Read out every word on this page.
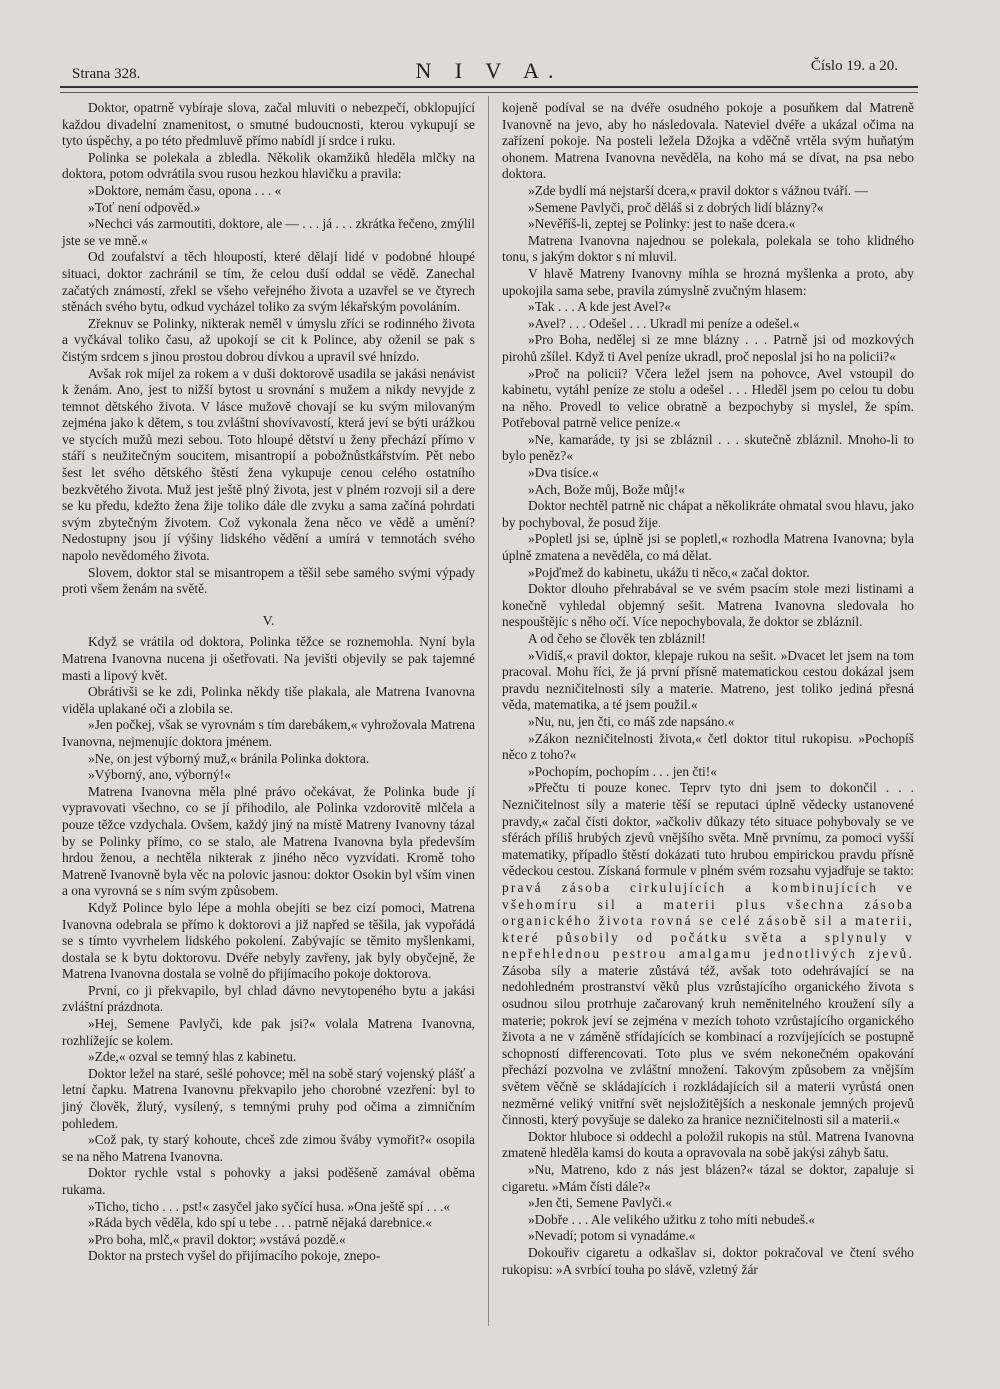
Strana 328.	N I V A.	Číslo 19. a 20.

Doktor, opatrně vybíraje slova, začal mluviti o nebezpečí, obklopující každou divadelní znamenitost, o smutné budoucnosti, kterou vykupují se tyto úspěchy, a po této předmluvě přímo nabídl jí srdce i ruku.

Polinka se polekala a zbledla. Několik okamžiků hleděla mlčky na doktora, potom odvrátila svou rusou hezkou hlavičku a pravila:

»Doktore, nemám času, opona . . . «

»Toť není odpověd.»

»Nechci vás zarmoutiti, doktore, ale — . . . já . . . zkrátka řečeno, zmýlil jste se ve mně.«

Od zoufalství a těch hloupostí, které dělají lidé v podobné hloupé situaci, doktor zachránil se tím, že celou duší oddal se vědě. Zanechal začatých známostí, zřekl se všeho veřejného života a uzavřel se ve čtyrech stěnách svého bytu, odkud vycházel toliko za svým lékařským povoláním.

Zřeknuv se Polinky, nikterak neměl v úmyslu zříci se rodinného života a vyčkával toliko času, až upokojí se cit k Polince, aby oženil se pak s čistým srdcem s jinou prostou dobrou dívkou a upravil své hnízdo.

Avšak rok míjel za rokem a v duši doktorově usadila se jakási nenávist k ženám. Ano, jest to nižší bytost u srovnání s mužem a nikdy nevyjde z temnot dětského života. V lásce mužově chovají se ku svým milovaným zejména jako k dětem, s tou zvláštní shovívavostí, která jeví se býti urážkou ve stycích mužů mezi sebou. Toto hloupé dětství u ženy přechází přímo v stáří s neužitečným soucitem, misantropií a pobožnůstkářstvím. Pět nebo šest let svého dětského štěstí žena vykupuje cenou celého ostatního bezkvětého života. Muž jest ještě plný života, jest v plném rozvoji sil a dere se ku předu, kdežto žena žije toliko dále dle zvyku a sama začíná pohrdati svým zbytečným životem. Což vykonala žena něco ve vědě a umění? Nedostupny jsou jí výšiny lidského vědění a umírá v temnotách svého napolo nevědomého života.

Slovem, doktor stal se misantropem a těšil sebe samého svými výpady proti všem ženám na světě.

V.

Když se vrátila od doktora, Polinka těžce se roznemohla. Nyní byla Matrena Ivanovna nucena ji ošetřovati. Na jevišti objevily se pak tajemné masti a lipový květ.

Obrátivši se ke zdi, Polinka někdy tiše plakala, ale Matrena Ivanovna viděla uplakané oči a zlobila se.

»Jen počkej, však se vyrovnám s tím darebákem,« vyhrožovala Matrena Ivanovna, nejmenujíc doktora jménem.

»Ne, on jest výborný muž,« bránila Polinka doktora.

»Výborný, ano, výborný!«

Matrena Ivanovna měla plné právo očekávat, že Polinka bude jí vypravovati všechno, co se jí přihodilo, ale Polinka vzdorovitě mlčela a pouze těžce vzdychala. Ovšem, každý jiný na místě Matreny Ivanovny tázal by se Polinky přímo, co se stalo, ale Matrena Ivanovna byla především hrdou ženou, a nechtěla nikterak z jiného něco vyzvídati. Kromě toho Matreně Ivanovně byla věc na polovic jasnou: doktor Osokin byl vším vinen a ona vyrovná se s ním svým způsobem.

Když Polince bylo lépe a mohla obejíti se bez cizí pomoci, Matrena Ivanovna odebrala se přímo k doktorovi a již napřed se těšila, jak vypořádá se s tímto vyvrhelem lidského pokolení. Zabývajíc se těmito myšlenkami, dostala se k bytu doktorovu. Dvéře nebyly zavřeny, jak byly obyčejně, že Matrena Ivanovna dostala se volně do přijímacího pokoje doktorova.

První, co ji překvapilo, byl chlad dávno nevytopeného bytu a jakási zvláštní prázdnota.

»Hej, Semene Pavlyči, kde pak jsi?« volala Matrena Ivanovna, rozhlížejíc se kolem.

»Zde,« ozval se temný hlas z kabinetu.

Doktor ležel na staré, sešlé pohovce; měl na sobě starý vojenský plášť a letní čapku. Matrena Ivanovnu překvapilo jeho chorobné vzezření: byl to jiný člověk, žlutý, vysílený, s temnými pruhy pod očima a zimničním pohledem.

»Což pak, ty starý kohoute, chceš zde zimou šváby vymořit?« osopila se na něho Matrena Ivanovna.

Doktor rychle vstal s pohovky a jaksi poděšeně zamával oběma rukama.

»Ticho, ticho . . . pst!« zasyčel jako syčící husa. »Ona ještě spí . . .«

»Ráda bych věděla, kdo spí u tebe . . . patrně nějaká darebnice.«

»Pro boha, mlč,« pravil doktor; »vstává pozdě.«

Doktor na prstech vyšel do přijímacího pokoje, znepo-

kojeně podíval se na dvéře osudného pokoje a posuňkem dal Matreně Ivanovně na jevo, aby ho následovala. Nateviel dvéře a ukázal očima na zařízení pokoje. Na posteli ležela Džojka a vděčně vrtěla svým huňatým ohonem. Matrena Ivanovna nevěděla, na koho má se dívat, na psa nebo doktora.

»Zde bydlí má nejstarší dcera,« pravil doktor s vážnou tváří. —

»Semene Pavlyči, proč děláš si z dobrých lidí blázny?«

»Nevěříš-li, zeptej se Polinky: jest to naše dcera.«

Matrena Ivanovna najednou se polekala, polekala se toho klidného tonu, s jakým doktor s ní mluvil.

V hlavě Matreny Ivanovny míhla se hrozná myšlenka a proto, aby upokojila sama sebe, pravila zúmyslně zvučným hlasem:

»Tak . . . A kde jest Avel?«

»Avel? . . . Odešel . . . Ukradl mi peníze a odešel.«

»Pro Boha, nedělej si ze mne blázny . . . Patrně jsi od mozkových pirohů zšílel. Když ti Avel peníze ukradl, proč neposlal jsi ho na policii?«

»Proč na policii? Včera ležel jsem na pohovce, Avel vstoupil do kabinetu, vytáhl peníze ze stolu a odešel . . . Hleděl jsem po celou tu dobu na něho. Provedl to velice obratně a bezpochyby si myslel, že spím. Potřeboval patrně velice peníze.«

»Ne, kamaráde, ty jsi se zbláznil . . . skutečně zbláznil. Mnoho-li to bylo peněz?«

»Dva tisíce.«

»Ach, Bože můj, Bože můj!«

Doktor nechtěl patrně nic chápat a několikráte ohmatal svou hlavu, jako by pochyboval, že posud žije.

»Popletl jsi se, úplně jsi se popletl,« rozhodla Matrena Ivanovna; byla úplně zmatena a nevěděla, co má dělat.

»Pojďmež do kabinetu, ukážu ti něco,« začal doktor.

Doktor dlouho přehrabával se ve svém psacím stole mezi listinami a konečně vyhledal objemný sešit. Matrena Ivanovna sledovala ho nespouštějíc s něho očí. Více nepochybovala, že doktor se zbláznil.

A od čeho se člověk ten zbláznil!

»Vidíš,« pravil doktor, klepaje rukou na sešit. »Dvacet let jsem na tom pracoval. Mohu říci, že já první přísně matematickou cestou dokázal jsem pravdu nezničitelnosti síly a materie. Matreno, jest toliko jediná přesná věda, matematika, a té jsem použil.«

»Nu, nu, jen čti, co máš zde napsáno.«

»Zákon nezničitelnosti života,« četl doktor titul rukopisu. »Pochopíš něco z toho?«

»Pochopím, pochopím . . . jen čti!«

»Přečtu ti pouze konec. Teprv tyto dni jsem to dokončil . . . Nezničitelnost síly a materie těší se reputaci úplně vědecky ustanovené pravdy,« začal čísti doktor, »ačkoliv důkazy této situace pohybovaly se ve sférách příliš hrubých zjevů vnějšího světa. Mně prvnímu, za pomoci vyšší matematiky, případlo štěstí dokázati tuto hrubou empirickou pravdu přísně vědeckou cestou. Získaná formule v plném svém rozsahu vyjadřuje se takto: pravá zásoba cirkulujících a kombinujících ve všehomíru sil a materii plus všechna zásoba organického života rovná se celé zásobě sil a materii, které působily od počátku světa a splynuly v nepřehlednou pestrou amalgamu jednotlivých zjevů. Zásoba síly a materie zůstává též, avšak toto odehrávající se na nedohledném prostranství věků plus vzrůstajícího organického života s osudnou silou protrhuje začarovaný kruh neměnitelného kroužení síly a materie; pokrok jeví se zejména v mezích tohoto vzrůstajícího organického života a ne v záměně střídajících se kombinací a rozvíjejících se postupně schopností differencovati. Toto plus ve svém nekonečném opakování přechází pozvolna ve zvláštní množení. Takovým způsobem za vnějším světem věčně se skládajících i rozkládajících sil a materii vyrůstá onen nezměrné veliký vnitřní svět nejsložitějších a neskonale jemných projevů činnosti, který povyšuje se daleko za hranice nezničitelnosti sil a materii.«

Doktor hluboce si oddechl a položil rukopis na stůl. Matrena Ivanovna zmateně hleděla kamsi do kouta a opravovala na sobě jakýsi záhyb šatu.

»Nu, Matreno, kdo z nás jest blázen?« tázal se doktor, zapaluje si cigaretu. »Mám čísti dále?«

»Jen čti, Semene Pavlyči.«

»Dobře . . . Ale velikého užitku z toho míti nebudeš.«

»Nevadí; potom si vynadáme.«

Dokouřiv cigaretu a odkašlav si, doktor pokračoval ve čtení svého rukopisu: »A svrbící touha po slávě, vzletný žár
